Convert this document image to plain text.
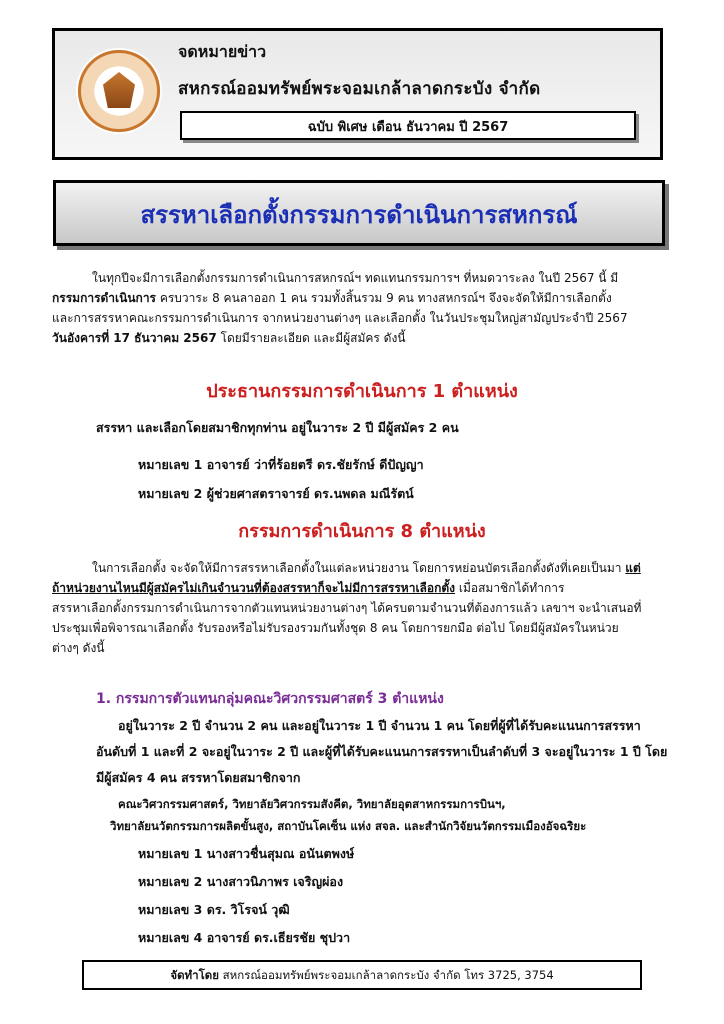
จดหมายข่าว
สหกรณ์ออมทรัพย์พระจอมเกล้าลาดกระบัง จำกัด
ฉบับ พิเศษ เดือน ธันวาคม ปี 2567
สรรหาเลือกตั้งกรรมการดำเนินการสหกรณ์
ในทุกปีจะมีการเลือกตั้งกรรมการดำเนินการสหกรณ์ฯ ทดแทนกรรมการฯ ที่หมดวาระลง ในปี 2567 นี้ มี
กรรมการดำเนินการ ครบวาระ 8 คนลาออก 1 คน รวมทั้งสิ้นรวม 9 คน ทางสหกรณ์ฯ จึงจะจัดให้มีการเลือกตั้ง
และการสรรหาคณะกรรมการดำเนินการ จากหน่วยงานต่างๆ และเลือกตั้ง ในวันประชุมใหญ่สามัญประจำปี 2567
วันอังคารที่ 17 ธันวาคม 2567 โดยมีรายละเอียด และมีผู้สมัคร ดังนี้
ประธานกรรมการดำเนินการ 1 ตำแหน่ง
สรรหา และเลือกโดยสมาชิกทุกท่าน อยู่ในวาระ 2 ปี มีผู้สมัคร 2 คน
หมายเลข 1 อาจารย์ ว่าที่ร้อยตรี ดร.ชัยรักษ์ ดีปัญญา
หมายเลข 2 ผู้ช่วยศาสตราจารย์ ดร.นพดล มณีรัตน์
กรรมการดำเนินการ 8 ตำแหน่ง
ในการเลือกตั้ง จะจัดให้มีการสรรหาเลือกตั้งในแต่ละหน่วยงาน โดยการหย่อนบัตรเลือกตั้งดังที่เคยเป็นมา แต่
ถ้าหน่วยงานไหนมีผู้สมัครไม่เกินจำนวนที่ต้องสรรหาก็จะไม่มีการสรรหาเลือกตั้ง เมื่อสมาชิกได้ทำการ
สรรหาเลือกตั้งกรรมการดำเนินการจากตัวแทนหน่วยงานต่างๆ ได้ครบตามจำนวนที่ต้องการแล้ว เลขาฯ จะนำเสนอที่
ประชุมเพื่อพิจารณาเลือกตั้ง รับรองหรือไม่รับรองรวมกันทั้งชุด 8 คน โดยการยกมือ ต่อไป โดยมีผู้สมัครในหน่วย
ต่างๆ ดังนี้
1. กรรมการตัวแทนกลุ่มคณะวิศวกรรมศาสตร์ 3 ตำแหน่ง
อยู่ในวาระ 2 ปี จำนวน 2 คน และอยู่ในวาระ 1 ปี จำนวน 1 คน โดยที่ผู้ที่ได้รับคะแนนการสรรหา
อันดับที่ 1 และที่ 2 จะอยู่ในวาระ 2 ปี และผู้ที่ได้รับคะแนนการสรรหาเป็นลำดับที่ 3 จะอยู่ในวาระ 1 ปี โดย
มีผู้สมัคร 4 คน สรรหาโดยสมาชิกจาก
คณะวิศวกรรมศาสตร์, วิทยาลัยวิศวกรรมสังคีต, วิทยาลัยอุตสาหกรรมการบินฯ,
วิทยาลัยนวัตกรรมการผลิตขั้นสูง, สถาบันโคเซ็น แห่ง สจล. และสำนักวิจัยนวัตกรรมเมืองอัจฉริยะ
หมายเลข 1 นางสาวชื่นสุมณ อนันตพงษ์
หมายเลข 2 นางสาวนิภาพร เจริญผ่อง
หมายเลข 3 ดร. วิโรจน์ วุฒิ
หมายเลข 4 อาจารย์ ดร.เธียรชัย ชุปวา
จัดทำโดย สหกรณ์ออมทรัพย์พระจอมเกล้าลาดกระบัง จำกัด โทร 3725, 3754
